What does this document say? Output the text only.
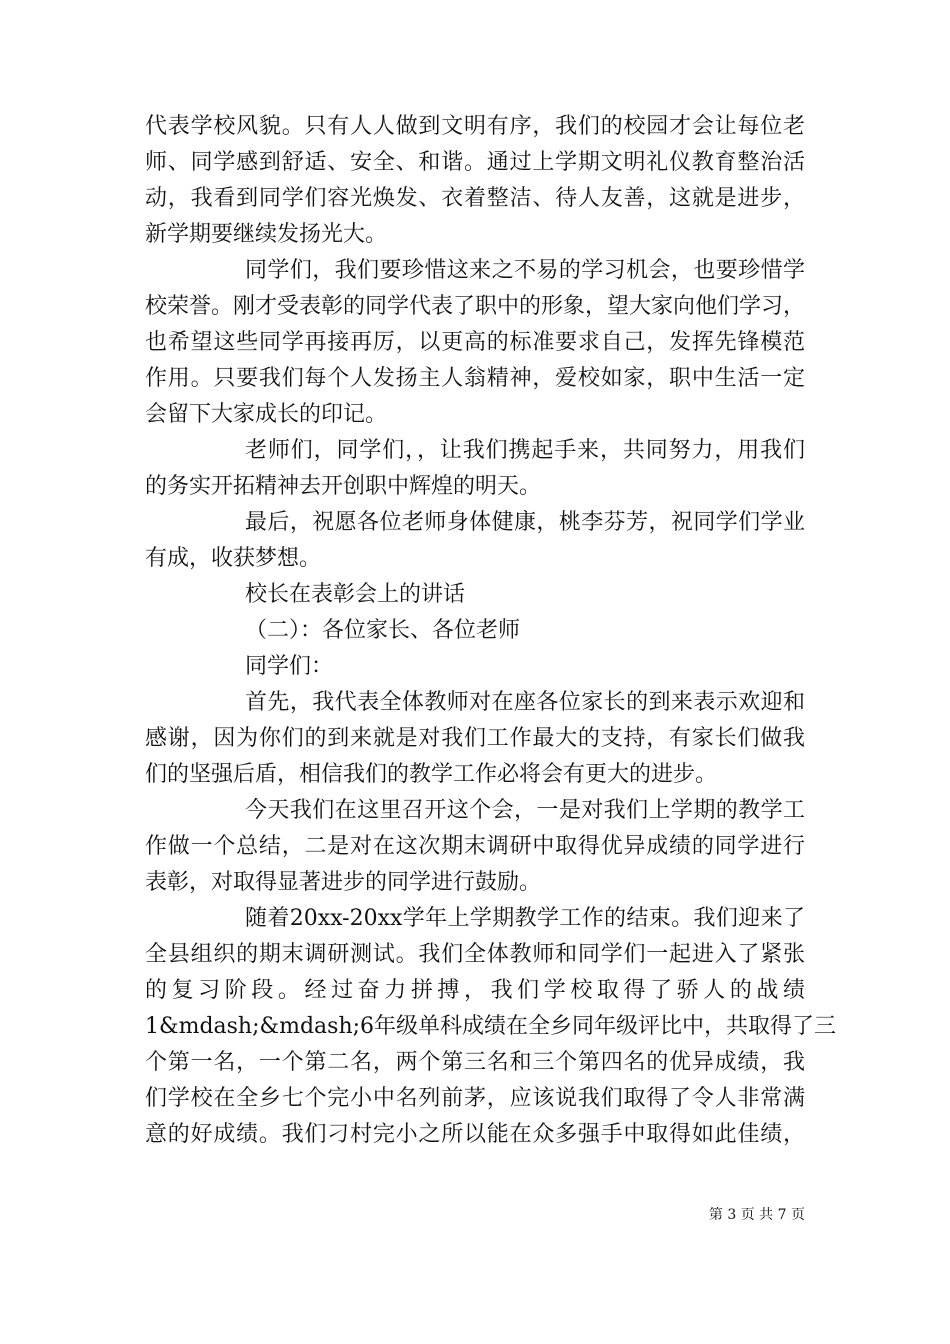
代表学校风貌。只有人人做到文明有序，我们的校园才会让每位老
师、同学感到舒适、安全、和谐。通过上学期文明礼仪教育整治活
动，我看到同学们容光焕发、衣着整洁、待人友善，这就是进步，
新学期要继续发扬光大。
同学们，我们要珍惜这来之不易的学习机会，也要珍惜学
校荣誉。刚才受表彰的同学代表了职中的形象，望大家向他们学习，
也希望这些同学再接再厉，以更高的标准要求自己，发挥先锋模范
作用。只要我们每个人发扬主人翁精神，爱校如家，职中生活一定
会留下大家成长的印记。
老师们，同学们，，让我们携起手来，共同努力，用我们
的务实开拓精神去开创职中辉煌的明天。
最后，祝愿各位老师身体健康，桃李芬芳，祝同学们学业
有成，收获梦想。
校长在表彰会上的讲话
（二）：各位家长、各位老师
同学们：
首先，我代表全体教师对在座各位家长的到来表示欢迎和
感谢，因为你们的到来就是对我们工作最大的支持，有家长们做我
们的坚强后盾，相信我们的教学工作必将会有更大的进步。
今天我们在这里召开这个会，一是对我们上学期的教学工
作做一个总结，二是对在这次期末调研中取得优异成绩的同学进行
表彰，对取得显著进步的同学进行鼓励。
随着20xx-20xx学年上学期教学工作的结束。我们迎来了
全县组织的期末调研测试。我们全体教师和同学们一起进入了紧张
的复习阶段。经过奋力拼搏，我们学校取得了骄人的战绩
1&mdash;&mdash;6年级单科成绩在全乡同年级评比中，共取得了三
个第一名，一个第二名，两个第三名和三个第四名的优异成绩，我
们学校在全乡七个完小中名列前茅，应该说我们取得了令人非常满
意的好成绩。我们刁村完小之所以能在众多强手中取得如此佳绩，
第 3 页 共 7 页
